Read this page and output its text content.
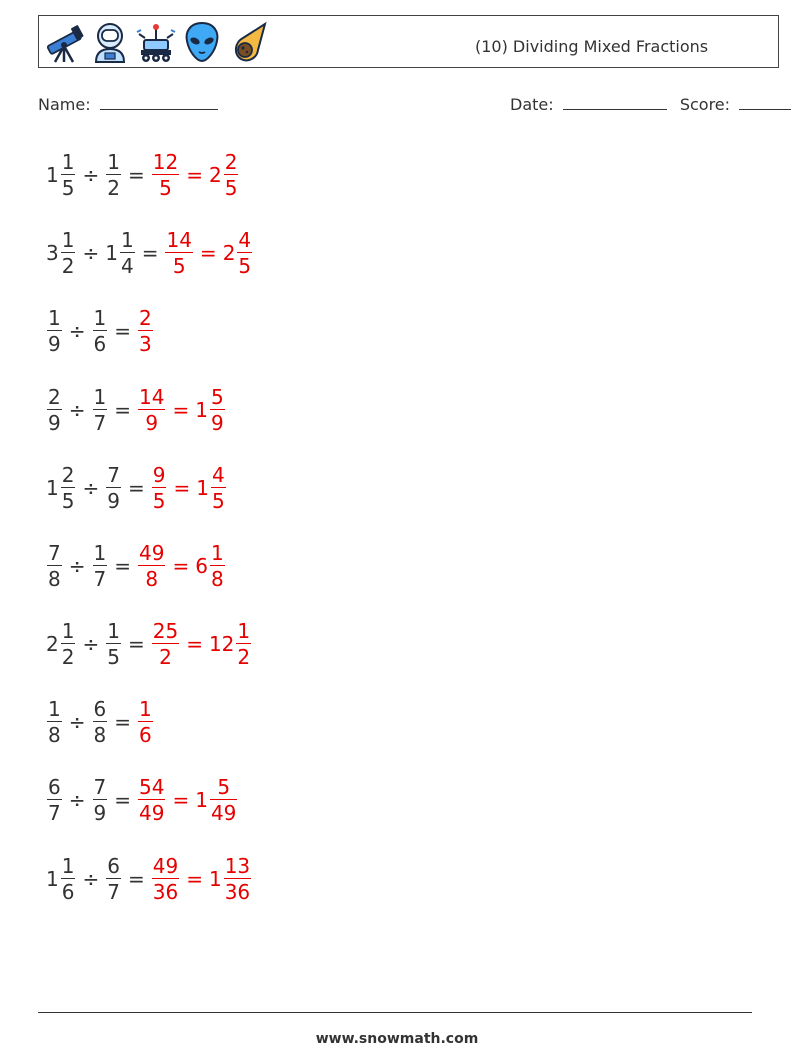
(10) Dividing Mixed Fractions
Name:	Date:	Score:
$1 \frac{1}{5} \div \frac{1}{2} = \frac{12}{5} = 2 \frac{2}{5}$
$3 \frac{1}{2} \div 1 \frac{1}{4} = \frac{14}{5} = 2 \frac{4}{5}$
$\frac{1}{9} \div \frac{1}{6} = \frac{2}{3}$
$\frac{2}{9} \div \frac{1}{7} = \frac{14}{9} = 1 \frac{5}{9}$
$1 \frac{2}{5} \div \frac{7}{9} = \frac{9}{5} = 1 \frac{4}{5}$
$\frac{7}{8} \div \frac{1}{7} = \frac{49}{8} = 6 \frac{1}{8}$
$2 \frac{1}{2} \div \frac{1}{5} = \frac{25}{2} = 12 \frac{1}{2}$
$\frac{1}{8} \div \frac{6}{8} = \frac{1}{6}$
$\frac{6}{7} \div \frac{7}{9} = \frac{54}{49} = 1 \frac{5}{49}$
$1 \frac{1}{6} \div \frac{6}{7} = \frac{49}{36} = 1 \frac{13}{36}$
www.snowmath.com
